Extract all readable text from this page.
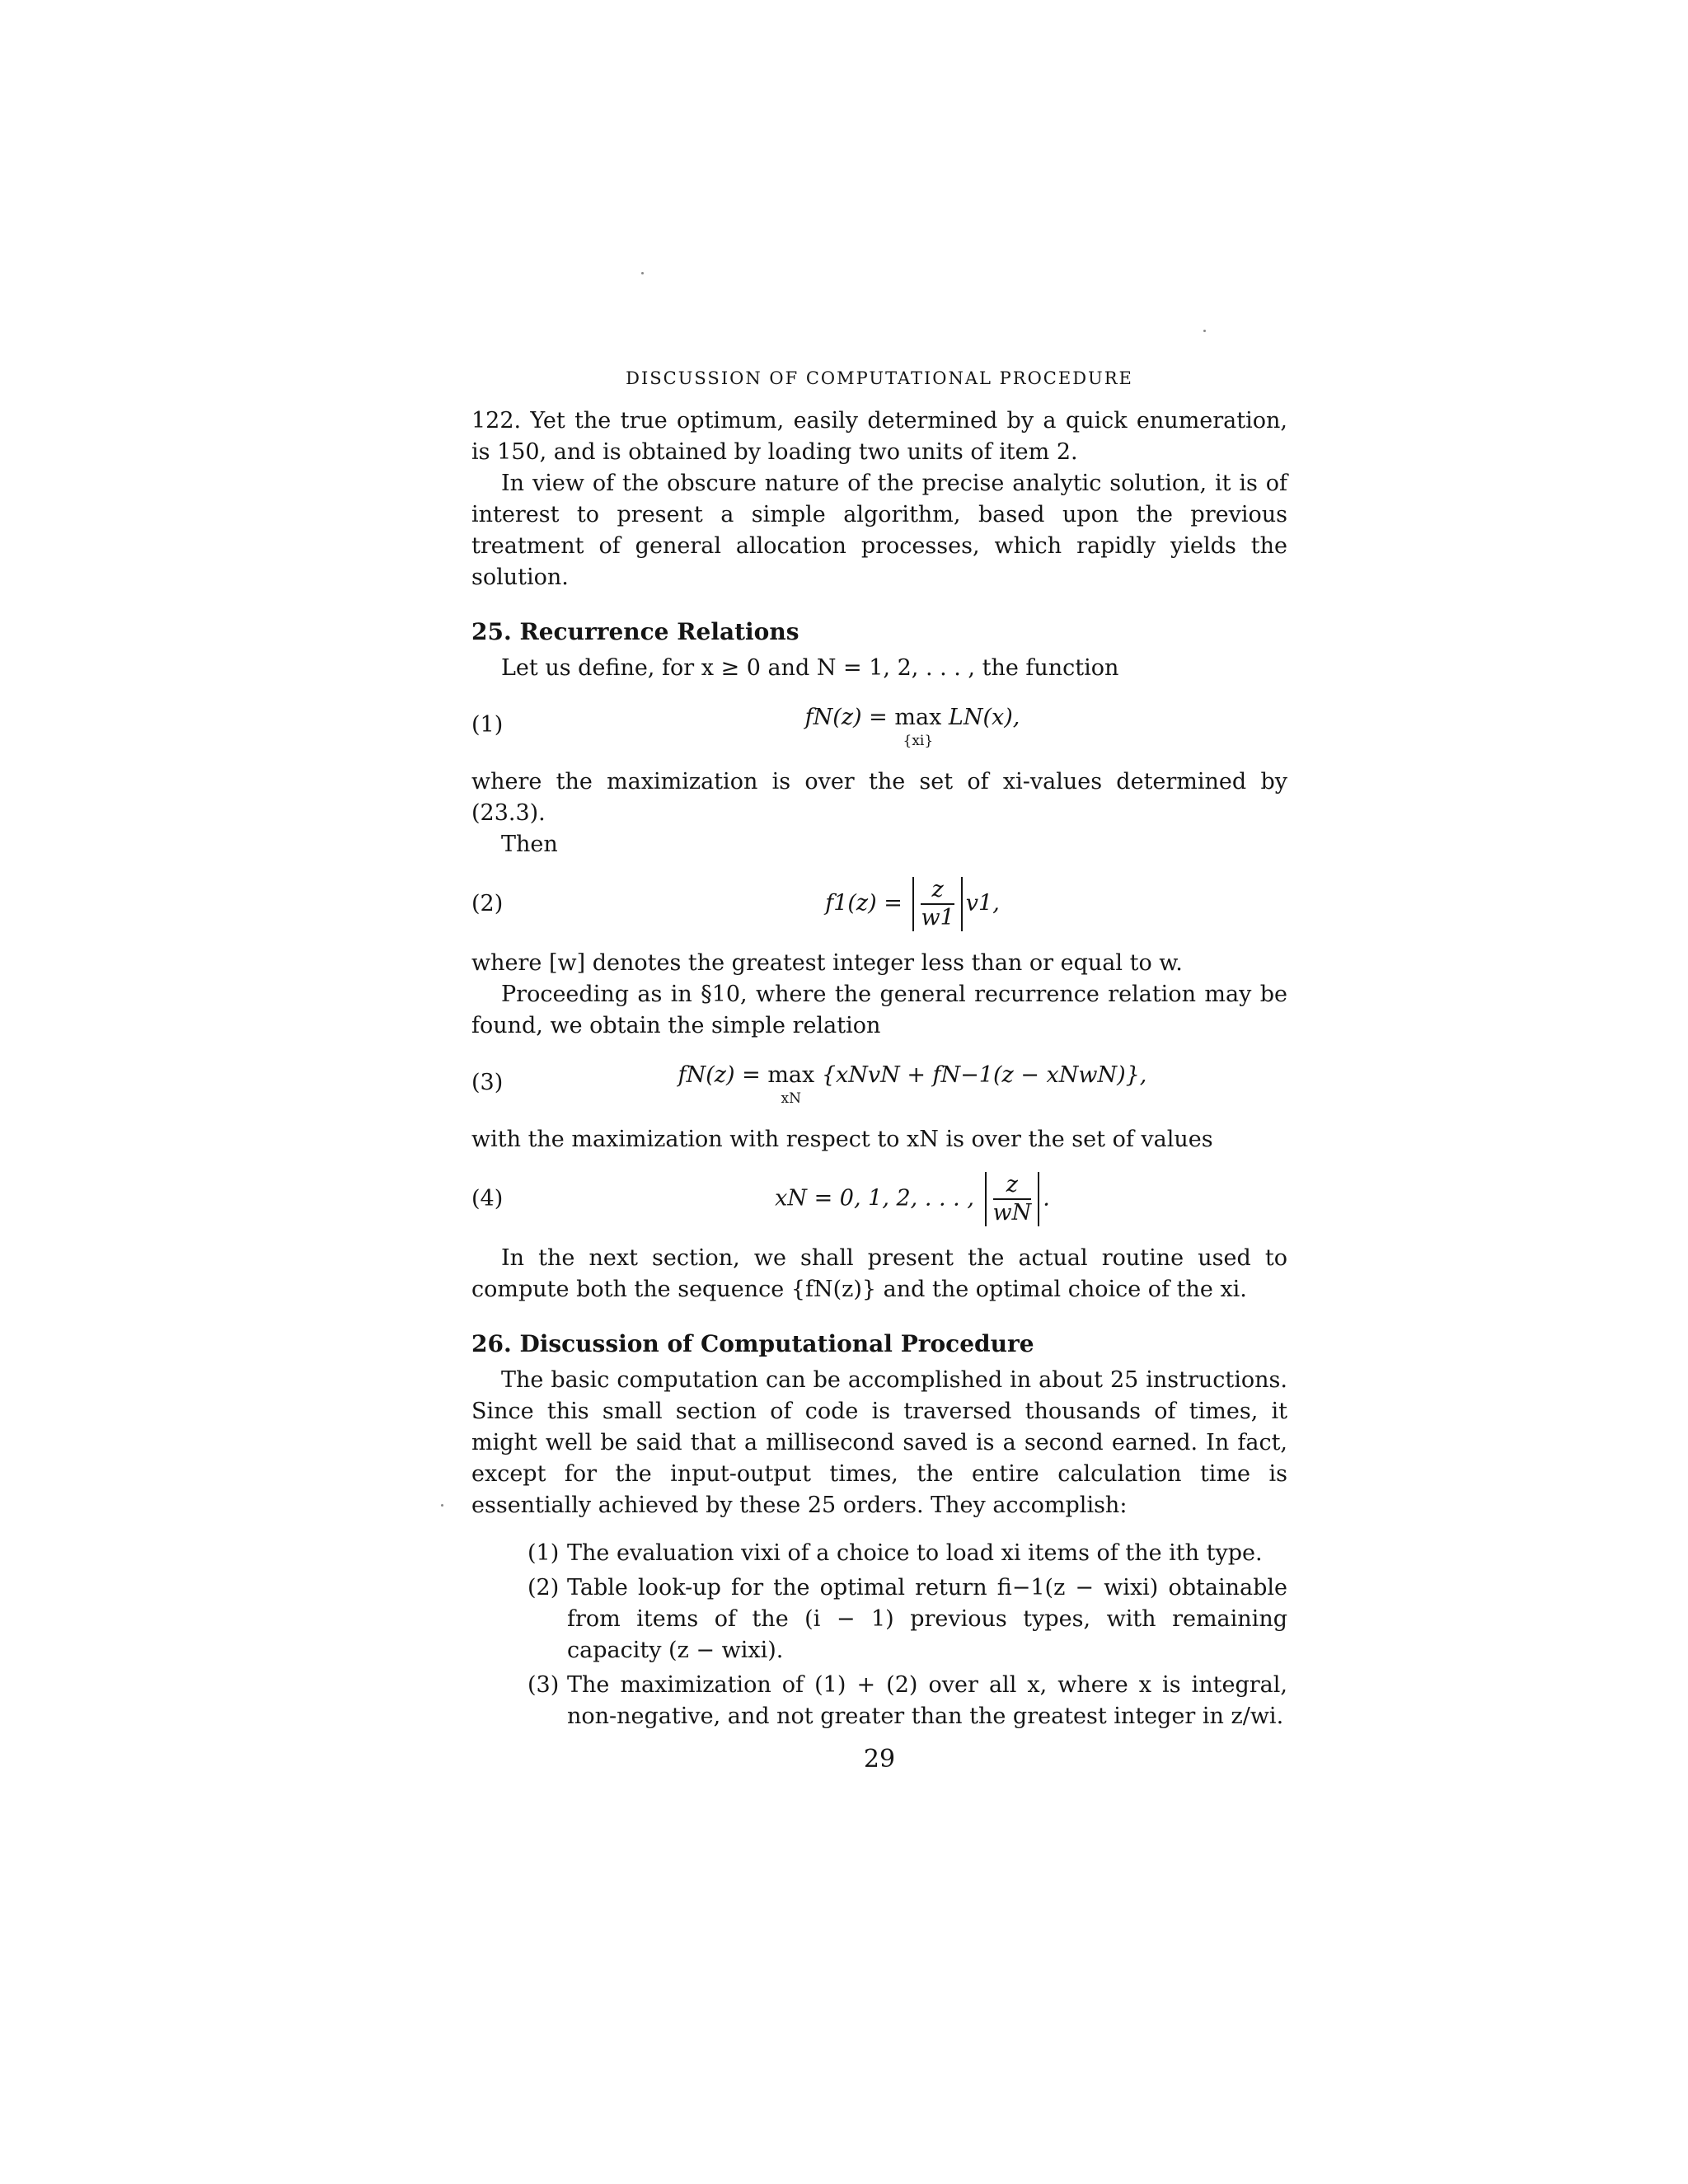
DISCUSSION OF COMPUTATIONAL PROCEDURE

122. Yet the true optimum, easily determined by a quick enumeration, is 150, and is obtained by loading two units of item 2.

In view of the obscure nature of the precise analytic solution, it is of interest to present a simple algorithm, based upon the previous treatment of general allocation processes, which rapidly yields the solution.

25. Recurrence Relations

Let us define, for x ≥ 0 and N = 1, 2, . . . , the function

(1)	fN(z) = max
{xi}
LN(x),

where the maximization is over the set of xi-values determined by (23.3).

Then

(2)	$f1(z) = \frac{z}{w1} v1$,

where [w] denotes the greatest integer less than or equal to w.

Proceeding as in §10, where the general recurrence relation may be found, we obtain the simple relation

(3)	fN(z) = max
xN
{xNvN + fN−1(z − xNwN)},

with the maximization with respect to xN is over the set of values

(4)	xN = 0, 1, 2, . . . , $\frac{z}{wN}$ .

In the next section, we shall present the actual routine used to compute both the sequence {fN(z)} and the optimal choice of the xi.

26. Discussion of Computational Procedure

The basic computation can be accomplished in about 25 instructions. Since this small section of code is traversed thousands of times, it might well be said that a millisecond saved is a second earned. In fact, except for the input-output times, the entire calculation time is essentially achieved by these 25 orders. They accomplish:

(1) The evaluation vixi of a choice to load xi items of the ith type.
(2) Table look-up for the optimal return fi−1(z − wixi) obtainable from items of the (i − 1) previous types, with remaining capacity (z − wixi).
(3) The maximization of (1) + (2) over all x, where x is integral, non-negative, and not greater than the greatest integer in z/wi.
29
